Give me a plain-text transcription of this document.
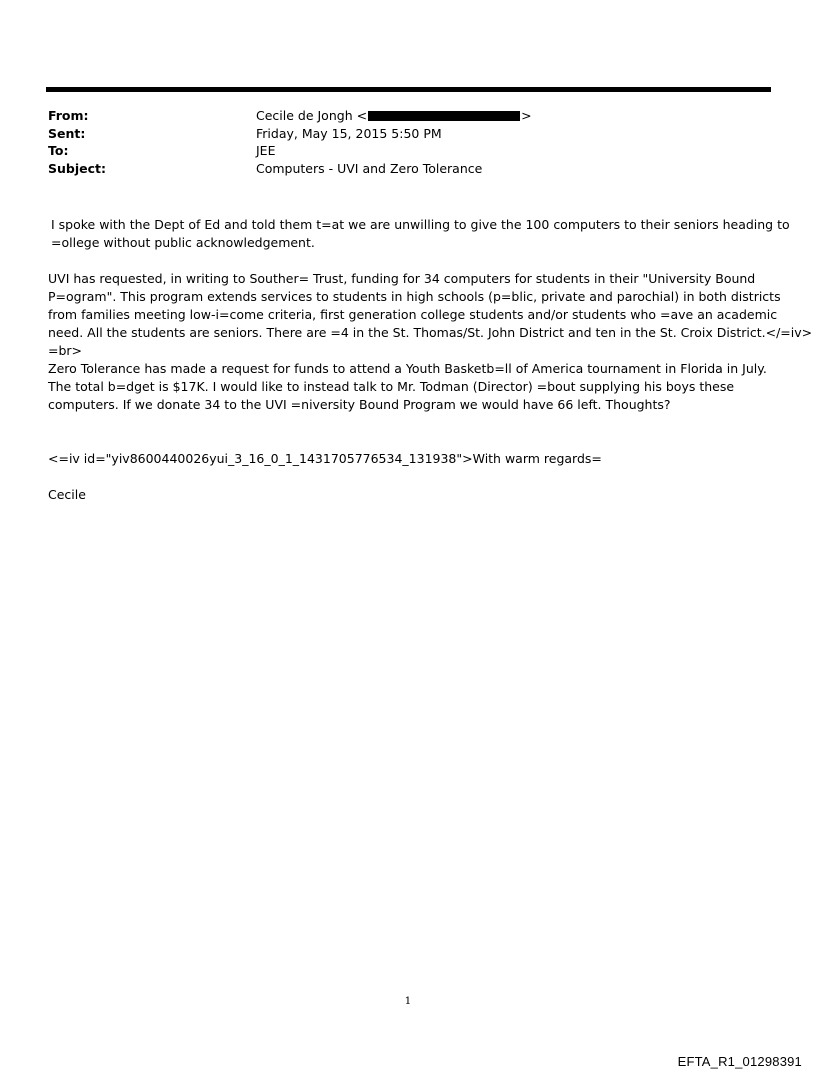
From:	Cecile de Jongh <	>
Sent:	Friday, May 15, 2015 5:50 PM
To:	JEE
Subject:	Computers - UVI and Zero Tolerance
I spoke with the Dept of Ed and told them t=at we are unwilling to give the 100 computers to their seniors heading to
=ollege without public acknowledgement.
UVI has requested, in writing to Souther= Trust, funding for 34 computers for students in their "University Bound
P=ogram". This program extends services to students in high schools (p=blic, private and parochial) in both districts
from families meeting low-i=come criteria, first generation college students and/or students who =ave an academic
need. All the students are seniors. There are =4 in the St. Thomas/St. John District and ten in the St. Croix District.</=iv>
=br>
Zero Tolerance has made a request for funds to attend a Youth Basketb=ll of America tournament in Florida in July.
The total b=dget is $17K. I would like to instead talk to Mr. Todman (Director) =bout supplying his boys these
computers. If we donate 34 to the UVI =niversity Bound Program we would have 66 left. Thoughts?
<=iv id="yiv8600440026yui_3_16_0_1_1431705776534_131938">With warm regards=
Cecile
1
EFTA_R1_01298391
